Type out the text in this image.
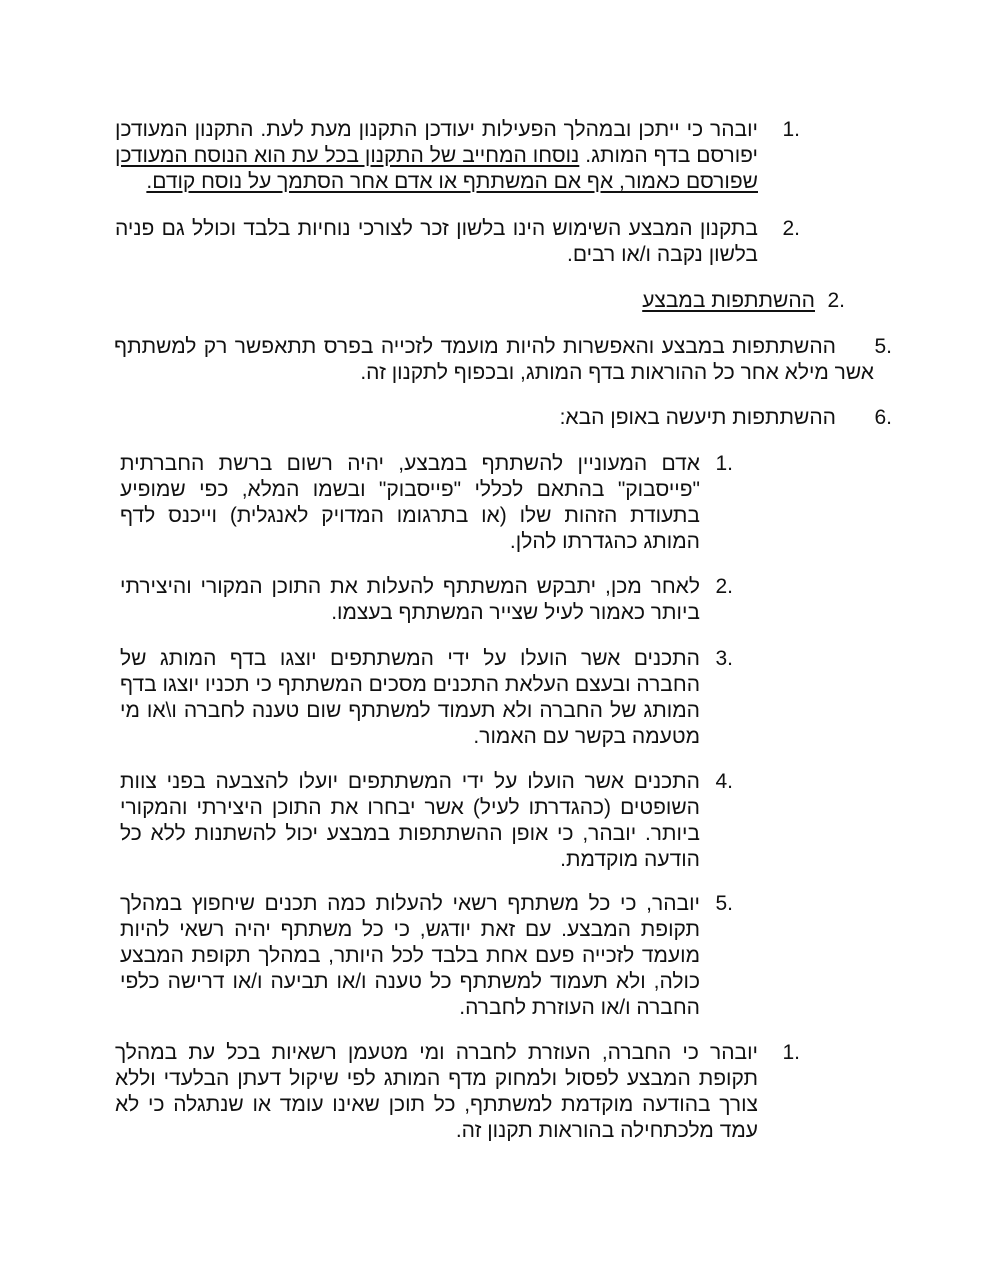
1.
יובהר כי ייתכן ובמהלך הפעילות יעודכן התקנון מעת לעת. התקנון המעודכן יפורסם בדף המותג. נוסחו המחייב של התקנון בכל עת הוא הנוסח המעודכן שפורסם כאמור, אף אם המשתתף או אדם אחר הסתמך על נוסח קודם.
2.
בתקנון המבצע השימוש הינו בלשון זכר לצורכי נוחיות בלבד וכולל גם פניה בלשון נקבה ו/או רבים.
2.
ההשתתפות במבצע
5.
ההשתתפות במבצע והאפשרות להיות מועמד לזכייה בפרס תתאפשר רק למשתתף אשר מילא אחר כל ההוראות בדף המותג, ובכפוף לתקנון זה.
6.
ההשתתפות תיעשה באופן הבא:
1.
אדם המעוניין להשתתף במבצע, יהיה רשום ברשת החברתית "פייסבוק" בהתאם לכללי "פייסבוק" ובשמו המלא, כפי שמופיע בתעודת הזהות שלו (או בתרגומו המדויק לאנגלית) וייכנס לדף המותג כהגדרתו להלן.
2.
לאחר מכן, יתבקש המשתתף להעלות את התוכן המקורי והיצירתי ביותר כאמור לעיל שצייר המשתתף בעצמו.
3.
התכנים אשר הועלו על ידי המשתתפים יוצגו בדף המותג של החברה ובעצם העלאת התכנים מסכים המשתתף כי תכניו יוצגו בדף המותג של החברה ולא תעמוד למשתתף שום טענה לחברה ו\או מי מטעמה בקשר עם האמור.
4.
התכנים אשר הועלו על ידי המשתתפים יועלו להצבעה בפני צוות השופטים (כהגדרתו לעיל) אשר יבחרו את התוכן היצירתי והמקורי ביותר. יובהר, כי אופן ההשתתפות במבצע יכול להשתנות ללא כל הודעה מוקדמת.
5.
יובהר, כי כל משתתף רשאי להעלות כמה תכנים שיחפוץ במהלך תקופת המבצע. עם זאת יודגש, כי כל משתתף יהיה רשאי להיות מועמד לזכייה פעם אחת בלבד לכל היותר, במהלך תקופת המבצע כולה, ולא תעמוד למשתתף כל טענה ו/או תביעה ו/או דרישה כלפי החברה ו/או העוזרת לחברה.
1.
יובהר כי החברה, העוזרת לחברה ומי מטעמן רשאיות בכל עת במהלך תקופת המבצע לפסול ולמחוק מדף המותג לפי שיקול דעתן הבלעדי וללא צורך בהודעה מוקדמת למשתתף, כל תוכן שאינו עומד או שנתגלה כי לא עמד מלכתחילה בהוראות תקנון זה.
